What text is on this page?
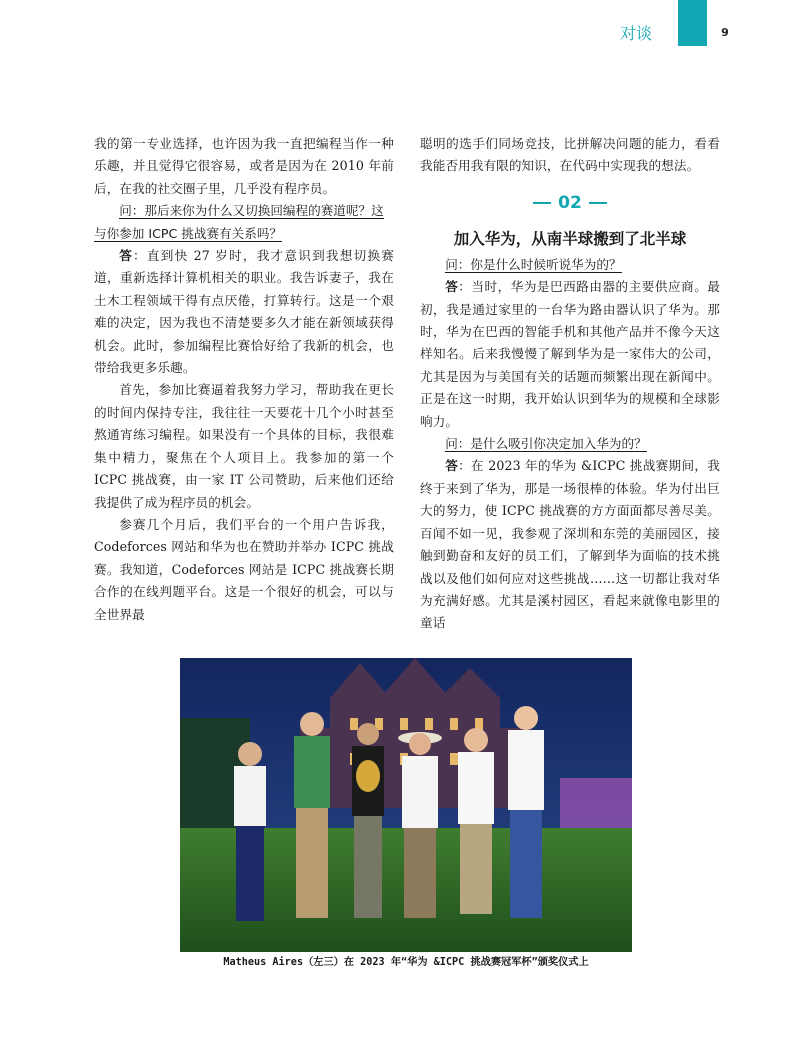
对谈	9

我的第一专业选择，也许因为我一直把编程当作一种乐趣，并且觉得它很容易，或者是因为在 2010 年前后，在我的社交圈子里，几乎没有程序员。

问：那后来你为什么又切换回编程的赛道呢？这与你参加 ICPC 挑战赛有关系吗？

答：直到快 27 岁时，我才意识到我想切换赛道，重新选择计算机相关的职业。我告诉妻子，我在土木工程领域干得有点厌倦，打算转行。这是一个艰难的决定，因为我也不清楚要多久才能在新领域获得机会。此时，参加编程比赛恰好给了我新的机会，也带给我更多乐趣。

首先，参加比赛逼着我努力学习，帮助我在更长的时间内保持专注，我往往一天要花十几个小时甚至熬通宵练习编程。如果没有一个具体的目标，我很难集中精力，聚焦在个人项目上。我参加的第一个 ICPC 挑战赛，由一家 IT 公司赞助，后来他们还给我提供了成为程序员的机会。

参赛几个月后，我们平台的一个用户告诉我，Codeforces 网站和华为也在赞助并举办 ICPC 挑战赛。我知道，Codeforces 网站是 ICPC 挑战赛长期合作的在线判题平台。这是一个很好的机会，可以与全世界最

聪明的选手们同场竞技，比拼解决问题的能力，看看我能否用我有限的知识，在代码中实现我的想法。

02
加入华为，从南半球搬到了北半球

问：你是什么时候听说华为的？

答：当时，华为是巴西路由器的主要供应商。最初，我是通过家里的一台华为路由器认识了华为。那时，华为在巴西的智能手机和其他产品并不像今天这样知名。后来我慢慢了解到华为是一家伟大的公司，尤其是因为与美国有关的话题而频繁出现在新闻中。正是在这一时期，我开始认识到华为的规模和全球影响力。

问：是什么吸引你决定加入华为的？

答：在 2023 年的华为 &ICPC 挑战赛期间，我终于来到了华为，那是一场很棒的体验。华为付出巨大的努力，使 ICPC 挑战赛的方方面面都尽善尽美。百闻不如一见，我参观了深圳和东莞的美丽园区，接触到勤奋和友好的员工们，了解到华为面临的技术挑战以及他们如何应对这些挑战……这一切都让我对华为充满好感。尤其是溪村园区，看起来就像电影里的童话

Matheus Aires（左三）在 2023 年“华为 &ICPC 挑战赛冠军杯”颁奖仪式上
